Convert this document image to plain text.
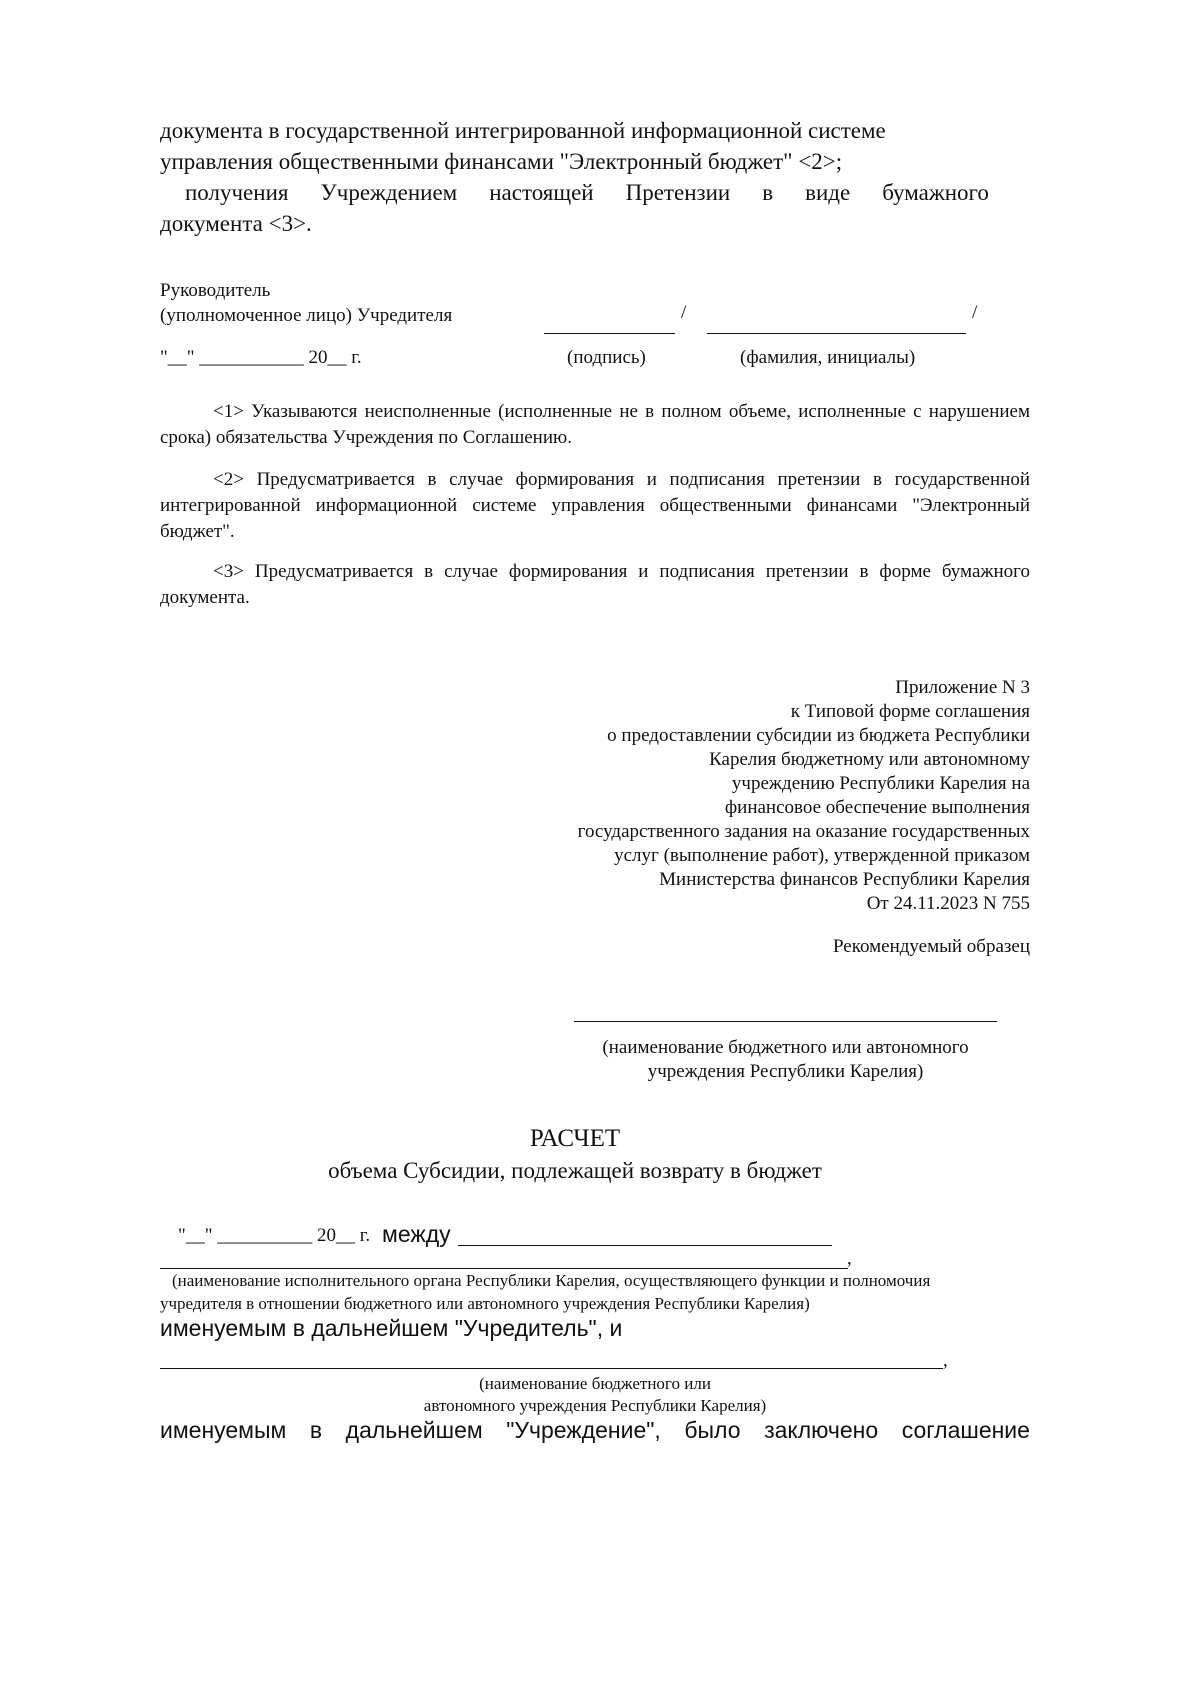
документа в государственной интегрированной информационной системе
управления общественными финансами "Электронный бюджет" <2>;
получения Учреждением настоящей Претензии в виде бумажного
документа <3>.
Руководитель
(уполномоченное лицо) Учредителя	/	/
"__" ___________ 20__ г.	(подпись)	(фамилия, инициалы)
<1> Указываются неисполненные (исполненные не в полном объеме, исполненные с нарушением срока) обязательства Учреждения по Соглашению.
<2> Предусматривается в случае формирования и подписания претензии в государственной интегрированной информационной системе управления общественными финансами "Электронный бюджет".
<3> Предусматривается в случае формирования и подписания претензии в форме бумажного документа.
Приложение N 3
к Типовой форме соглашения
о предоставлении субсидии из бюджета Республики
Карелия бюджетному или автономному
учреждению Республики Карелия на
финансовое обеспечение выполнения
государственного задания на оказание государственных
услуг (выполнение работ), утвержденной приказом
Министерства финансов Республики Карелия
От 24.11.2023 N 755
Рекомендуемый образец
(наименование бюджетного или автономного
учреждения Республики Карелия)
РАСЧЕТ
объема Субсидии, подлежащей возврату в бюджет
"__" __________ 20__ г. между
,
(наименование исполнительного органа Республики Карелия, осуществляющего функции и полномочия
учредителя в отношении бюджетного или автономного учреждения Республики Карелия)
именуемым в дальнейшем "Учредитель", и
,
(наименование бюджетного или
автономного учреждения Республики Карелия)
именуемым в дальнейшем "Учреждение", было заключено соглашение
